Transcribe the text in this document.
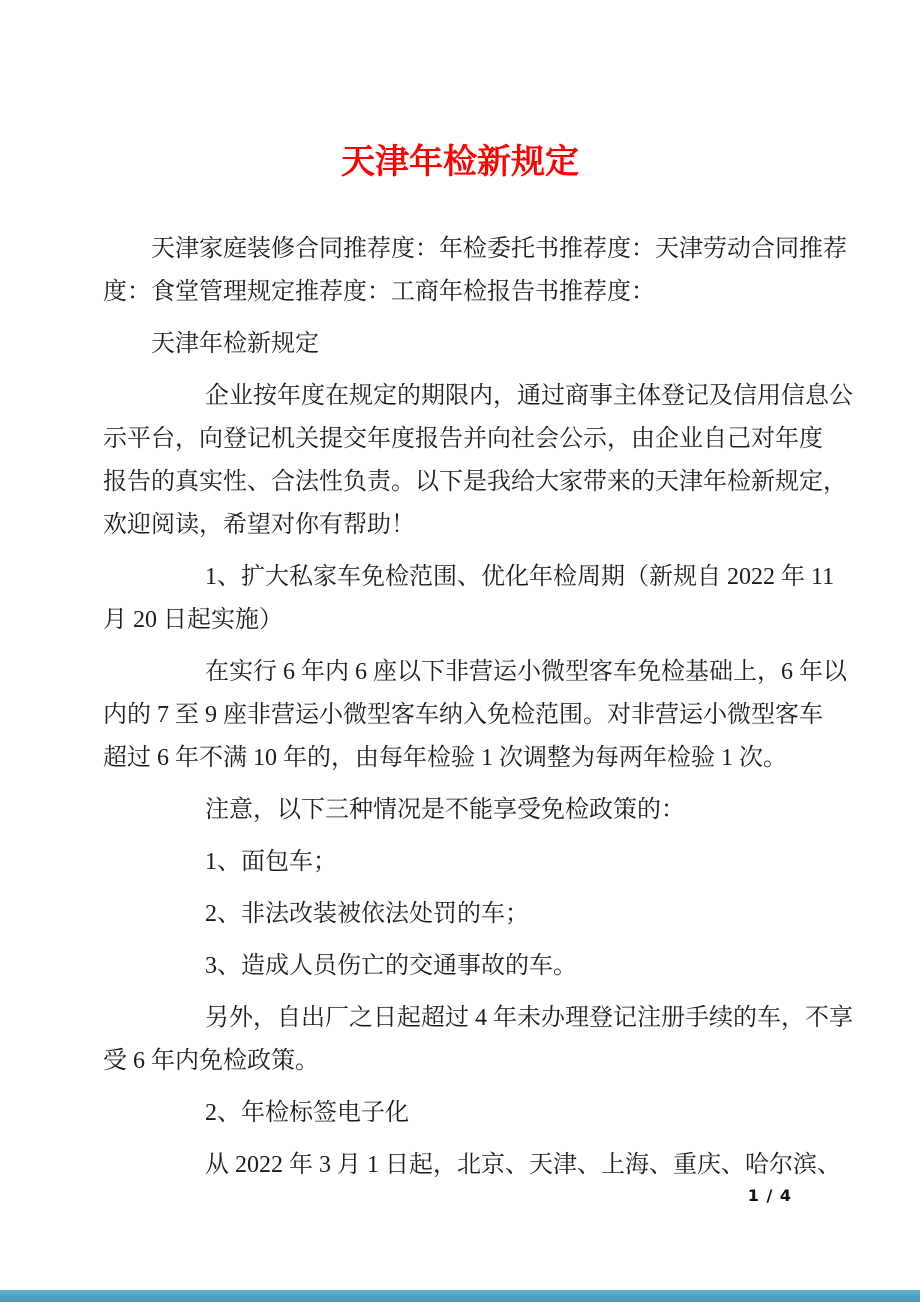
天津年检新规定
天津家庭装修合同推荐度：年检委托书推荐度：天津劳动合同推荐
度：食堂管理规定推荐度：工商年检报告书推荐度：
天津年检新规定
企业按年度在规定的期限内，通过商事主体登记及信用信息公
示平台，向登记机关提交年度报告并向社会公示，由企业自己对年度
报告的真实性、合法性负责。以下是我给大家带来的天津年检新规定，
欢迎阅读，希望对你有帮助！
1、扩大私家车免检范围、优化年检周期（新规自 2022 年 11
月 20 日起实施）
在实行 6 年内 6 座以下非营运小微型客车免检基础上，6 年以
内的 7 至 9 座非营运小微型客车纳入免检范围。对非营运小微型客车
超过 6 年不满 10 年的，由每年检验 1 次调整为每两年检验 1 次。
注意，以下三种情况是不能享受免检政策的：
1、面包车；
2、非法改装被依法处罚的车；
3、造成人员伤亡的交通事故的车。
另外，自出厂之日起超过 4 年未办理登记注册手续的车，不享
受 6 年内免检政策。
2、年检标签电子化
从 2022 年 3 月 1 日起，北京、天津、上海、重庆、哈尔滨、
1 / 4
